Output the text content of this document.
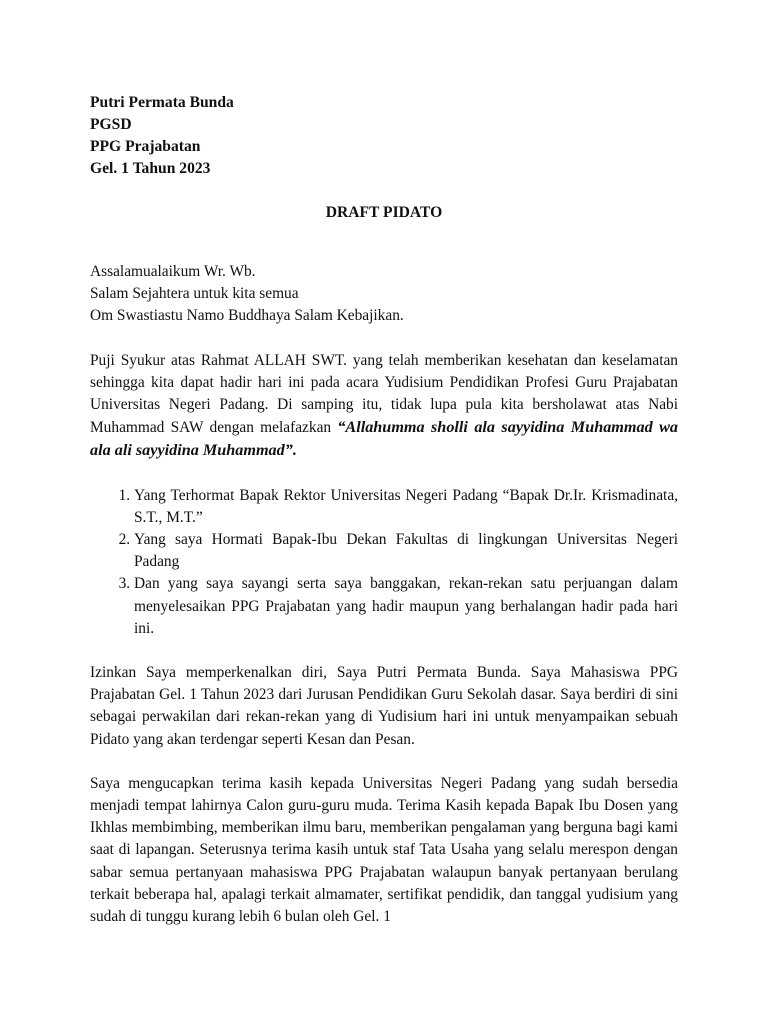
Putri Permata Bunda
PGSD
PPG Prajabatan
Gel. 1 Tahun 2023
DRAFT PIDATO
Assalamualaikum Wr. Wb.
Salam Sejahtera untuk kita semua
Om Swastiastu Namo Buddhaya Salam Kebajikan.

Puji Syukur atas Rahmat ALLAH SWT. yang telah memberikan kesehatan dan keselamatan sehingga kita dapat hadir hari ini pada acara Yudisium Pendidikan Profesi Guru Prajabatan Universitas Negeri Padang. Di samping itu, tidak lupa pula kita bersholawat atas Nabi Muhammad SAW dengan melafazkan “Allahumma sholli ala sayyidina Muhammad wa ala ali sayyidina Muhammad”.

1. Yang Terhormat Bapak Rektor Universitas Negeri Padang “Bapak Dr.Ir. Krismadinata, S.T., M.T.”
2. Yang saya Hormati Bapak-Ibu Dekan Fakultas di lingkungan Universitas Negeri Padang
3. Dan yang saya sayangi serta saya banggakan, rekan-rekan satu perjuangan dalam menyelesaikan PPG Prajabatan yang hadir maupun yang berhalangan hadir pada hari ini.

Izinkan Saya memperkenalkan diri, Saya Putri Permata Bunda. Saya Mahasiswa PPG Prajabatan Gel. 1 Tahun 2023 dari Jurusan Pendidikan Guru Sekolah dasar. Saya berdiri di sini sebagai perwakilan dari rekan-rekan yang di Yudisium hari ini untuk menyampaikan sebuah Pidato yang akan terdengar seperti Kesan dan Pesan.

Saya mengucapkan terima kasih kepada Universitas Negeri Padang yang sudah bersedia menjadi tempat lahirnya Calon guru-guru muda. Terima Kasih kepada Bapak Ibu Dosen yang Ikhlas membimbing, memberikan ilmu baru, memberikan pengalaman yang berguna bagi kami saat di lapangan. Seterusnya terima kasih untuk staf Tata Usaha yang selalu merespon dengan sabar semua pertanyaan mahasiswa PPG Prajabatan walaupun banyak pertanyaan berulang terkait beberapa hal, apalagi terkait almamater, sertifikat pendidik, dan tanggal yudisium yang sudah di tunggu kurang lebih 6 bulan oleh Gel. 1
